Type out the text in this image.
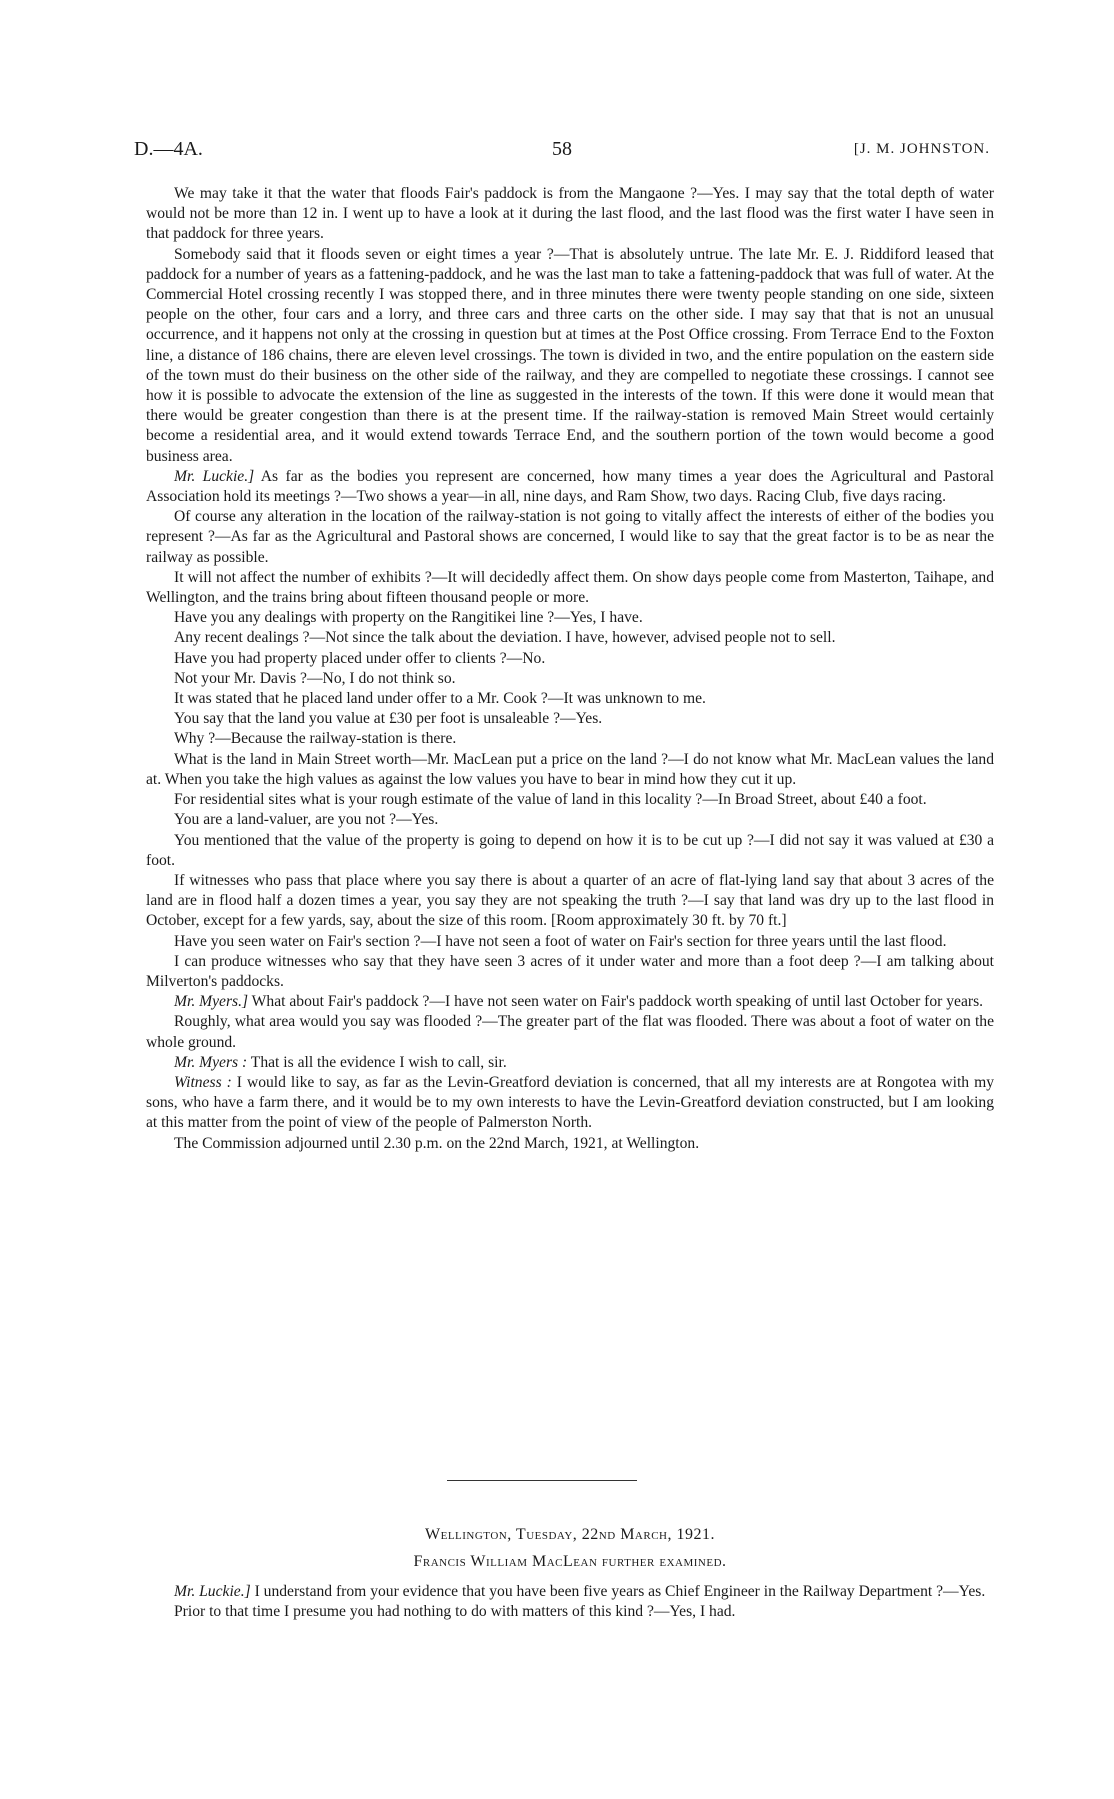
D.—4A.	58	[J. M. JOHNSTON.

We may take it that the water that floods Fair's paddock is from the Mangaone ?—Yes. I may say that the total depth of water would not be more than 12 in. I went up to have a look at it during the last flood, and the last flood was the first water I have seen in that paddock for three years.

Somebody said that it floods seven or eight times a year ?—That is absolutely untrue. The late Mr. E. J. Riddiford leased that paddock for a number of years as a fattening-paddock, and he was the last man to take a fattening-paddock that was full of water. At the Commercial Hotel crossing recently I was stopped there, and in three minutes there were twenty people standing on one side, sixteen people on the other, four cars and a lorry, and three cars and three carts on the other side. I may say that that is not an unusual occurrence, and it happens not only at the crossing in question but at times at the Post Office crossing. From Terrace End to the Foxton line, a distance of 186 chains, there are eleven level crossings. The town is divided in two, and the entire population on the eastern side of the town must do their business on the other side of the railway, and they are compelled to negotiate these crossings. I cannot see how it is possible to advocate the extension of the line as suggested in the interests of the town. If this were done it would mean that there would be greater congestion than there is at the present time. If the railway-station is removed Main Street would certainly become a residential area, and it would extend towards Terrace End, and the southern portion of the town would become a good business area.

Mr. Luckie.] As far as the bodies you represent are concerned, how many times a year does the Agricultural and Pastoral Association hold its meetings ?—Two shows a year—in all, nine days, and Ram Show, two days. Racing Club, five days racing.

Of course any alteration in the location of the railway-station is not going to vitally affect the interests of either of the bodies you represent ?—As far as the Agricultural and Pastoral shows are concerned, I would like to say that the great factor is to be as near the railway as possible.

It will not affect the number of exhibits ?—It will decidedly affect them. On show days people come from Masterton, Taihape, and Wellington, and the trains bring about fifteen thousand people or more.

Have you any dealings with property on the Rangitikei line ?—Yes, I have.

Any recent dealings ?—Not since the talk about the deviation. I have, however, advised people not to sell.

Have you had property placed under offer to clients ?—No.

Not your Mr. Davis ?—No, I do not think so.

It was stated that he placed land under offer to a Mr. Cook ?—It was unknown to me.

You say that the land you value at £30 per foot is unsaleable ?—Yes.

Why ?—Because the railway-station is there.

What is the land in Main Street worth—Mr. MacLean put a price on the land ?—I do not know what Mr. MacLean values the land at. When you take the high values as against the low values you have to bear in mind how they cut it up.

For residential sites what is your rough estimate of the value of land in this locality ?—In Broad Street, about £40 a foot.

You are a land-valuer, are you not ?—Yes.

You mentioned that the value of the property is going to depend on how it is to be cut up ?—I did not say it was valued at £30 a foot.

If witnesses who pass that place where you say there is about a quarter of an acre of flat-lying land say that about 3 acres of the land are in flood half a dozen times a year, you say they are not speaking the truth ?—I say that land was dry up to the last flood in October, except for a few yards, say, about the size of this room. [Room approximately 30 ft. by 70 ft.]

Have you seen water on Fair's section ?—I have not seen a foot of water on Fair's section for three years until the last flood.

I can produce witnesses who say that they have seen 3 acres of it under water and more than a foot deep ?—I am talking about Milverton's paddocks.

Mr. Myers.] What about Fair's paddock ?—I have not seen water on Fair's paddock worth speaking of until last October for years.

Roughly, what area would you say was flooded ?—The greater part of the flat was flooded. There was about a foot of water on the whole ground.

Mr. Myers : That is all the evidence I wish to call, sir.

Witness : I would like to say, as far as the Levin-Greatford deviation is concerned, that all my interests are at Rongotea with my sons, who have a farm there, and it would be to my own interests to have the Levin-Greatford deviation constructed, but I am looking at this matter from the point of view of the people of Palmerston North.

The Commission adjourned until 2.30 p.m. on the 22nd March, 1921, at Wellington.

Wellington, Tuesday, 22nd March, 1921.
Francis William MacLean further examined.

Mr. Luckie.] I understand from your evidence that you have been five years as Chief Engineer in the Railway Department ?—Yes.

Prior to that time I presume you had nothing to do with matters of this kind ?—Yes, I had.
